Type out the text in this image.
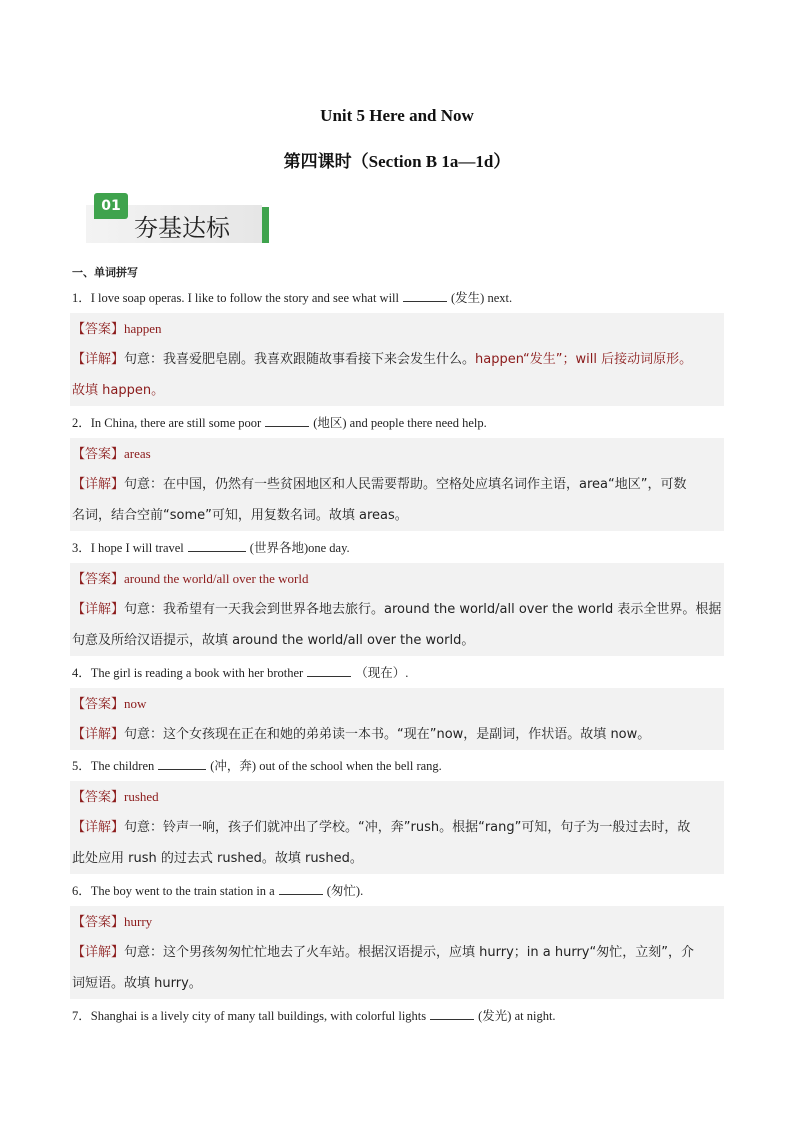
Unit 5 Here and Now
第四课时（Section B 1a—1d）
01
夯基达标
一、单词拼写
1．I love soap operas. I like to follow the story and see what will	(发生) next.
【答案】happen
【详解】句意：我喜爱肥皂剧。我喜欢跟随故事看接下来会发生什么。happen“发生”；will 后接动词原形。
故填 happen。
2．In China, there are still some poor	(地区) and people there need help.
【答案】areas
【详解】句意：在中国，仍然有一些贫困地区和人民需要帮助。空格处应填名词作主语，area“地区”，可数
名词，结合空前“some”可知，用复数名词。故填 areas。
3．I hope I will travel	(世界各地)one day.
【答案】around the world/all over the world
【详解】句意：我希望有一天我会到世界各地去旅行。around the world/all over the world 表示全世界。根据
句意及所给汉语提示，故填 around the world/all over the world。
4．The girl is reading a book with her brother	（现在）.
【答案】now
【详解】句意：这个女孩现在正在和她的弟弟读一本书。“现在”now，是副词，作状语。故填 now。
5．The children	(冲，奔) out of the school when the bell rang.
【答案】rushed
【详解】句意：铃声一响，孩子们就冲出了学校。“冲，奔”rush。根据“rang”可知，句子为一般过去时，故
此处应用 rush 的过去式 rushed。故填 rushed。
6．The boy went to the train station in a	(匆忙).
【答案】hurry
【详解】句意：这个男孩匆匆忙忙地去了火车站。根据汉语提示，应填 hurry；in a hurry“匆忙，立刻”，介
词短语。故填 hurry。
7．Shanghai is a lively city of many tall buildings, with colorful lights	(发光) at night.
